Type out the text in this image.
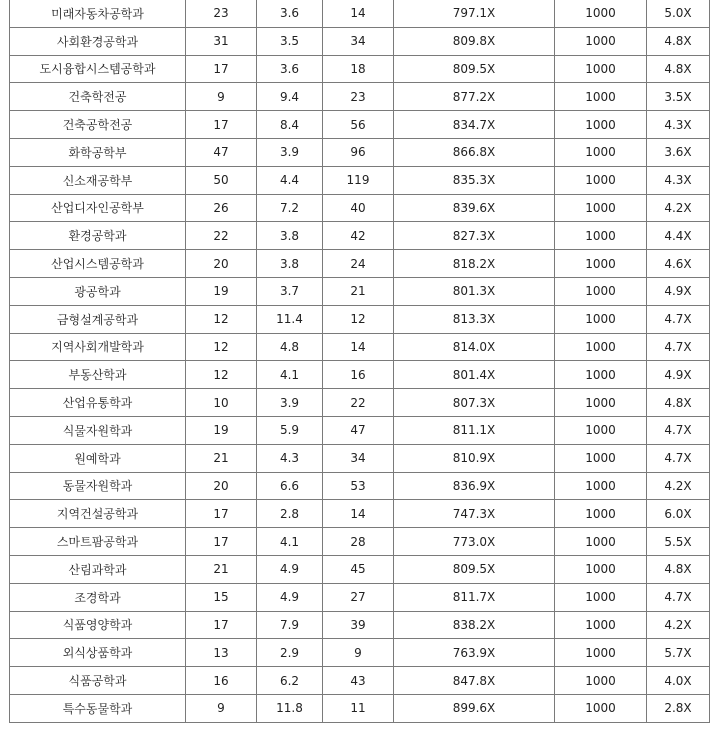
미래자동차공학과	23	3.6	14	797.1X	1000	5.0X
사회환경공학과	31	3.5	34	809.8X	1000	4.8X
도시융합시스템공학과	17	3.6	18	809.5X	1000	4.8X
건축학전공	9	9.4	23	877.2X	1000	3.5X
건축공학전공	17	8.4	56	834.7X	1000	4.3X
화학공학부	47	3.9	96	866.8X	1000	3.6X
신소재공학부	50	4.4	119	835.3X	1000	4.3X
산업디자인공학부	26	7.2	40	839.6X	1000	4.2X
환경공학과	22	3.8	42	827.3X	1000	4.4X
산업시스템공학과	20	3.8	24	818.2X	1000	4.6X
광공학과	19	3.7	21	801.3X	1000	4.9X
금형설계공학과	12	11.4	12	813.3X	1000	4.7X
지역사회개발학과	12	4.8	14	814.0X	1000	4.7X
부동산학과	12	4.1	16	801.4X	1000	4.9X
산업유통학과	10	3.9	22	807.3X	1000	4.8X
식물자원학과	19	5.9	47	811.1X	1000	4.7X
원예학과	21	4.3	34	810.9X	1000	4.7X
동물자원학과	20	6.6	53	836.9X	1000	4.2X
지역건설공학과	17	2.8	14	747.3X	1000	6.0X
스마트팜공학과	17	4.1	28	773.0X	1000	5.5X
산림과학과	21	4.9	45	809.5X	1000	4.8X
조경학과	15	4.9	27	811.7X	1000	4.7X
식품영양학과	17	7.9	39	838.2X	1000	4.2X
외식상품학과	13	2.9	9	763.9X	1000	5.7X
식품공학과	16	6.2	43	847.8X	1000	4.0X
특수동물학과	9	11.8	11	899.6X	1000	2.8X
